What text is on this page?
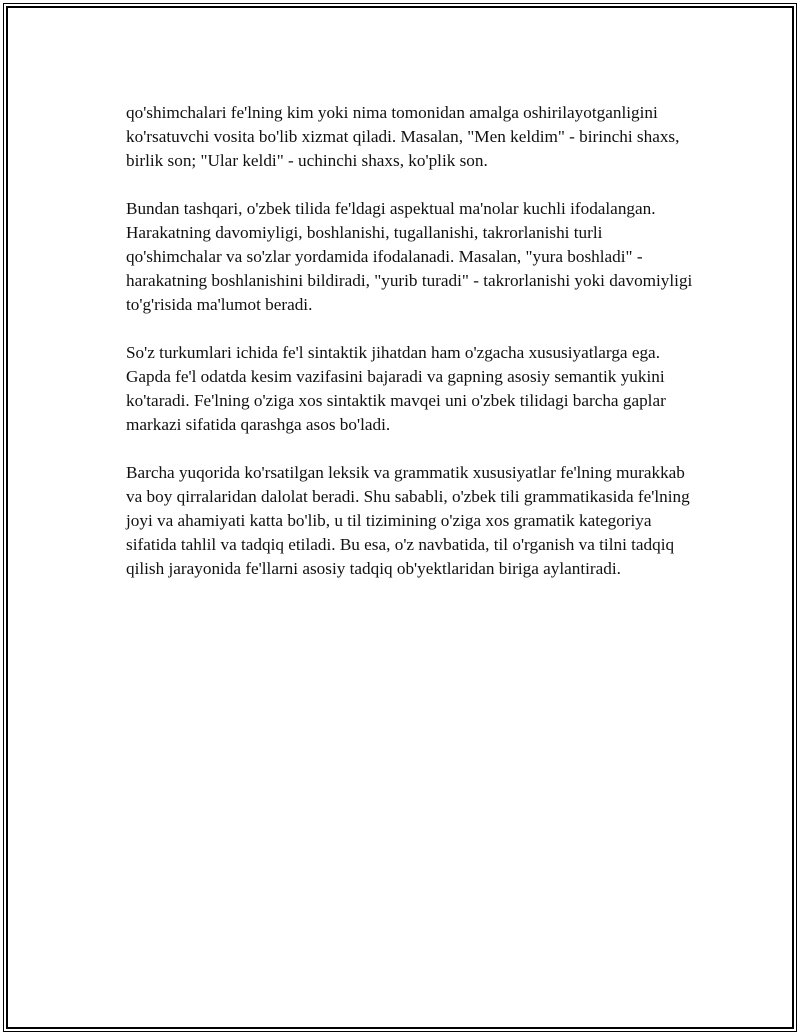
qo'shimchalari fe'lning kim yoki nima tomonidan amalga oshirilayotganligini ko'rsatuvchi vosita bo'lib xizmat qiladi. Masalan, "Men keldim" - birinchi shaxs, birlik son; "Ular keldi" - uchinchi shaxs, ko'plik son.

Bundan tashqari, o'zbek tilida fe'ldagi aspektual ma'nolar kuchli ifodalangan. Harakatning davomiyligi, boshlanishi, tugallanishi, takrorlanishi turli qo'shimchalar va so'zlar yordamida ifodalanadi. Masalan, "yura boshladi" - harakatning boshlanishini bildiradi, "yurib turadi" - takrorlanishi yoki davomiyligi to'g'risida ma'lumot beradi.

So'z turkumlari ichida fe'l sintaktik jihatdan ham o'zgacha xususiyatlarga ega. Gapda fe'l odatda kesim vazifasini bajaradi va gapning asosiy semantik yukini ko'taradi. Fe'lning o'ziga xos sintaktik mavqei uni o'zbek tilidagi barcha gaplar markazi sifatida qarashga asos bo'ladi.

Barcha yuqorida ko'rsatilgan leksik va grammatik xususiyatlar fe'lning murakkab va boy qirralaridan dalolat beradi. Shu sababli, o'zbek tili grammatikasida fe'lning joyi va ahamiyati katta bo'lib, u til tizimining o'ziga xos gramatik kategoriya sifatida tahlil va tadqiq etiladi. Bu esa, o'z navbatida, til o'rganish va tilni tadqiq qilish jarayonida fe'llarni asosiy tadqiq ob'yektlaridan biriga aylantiradi.
